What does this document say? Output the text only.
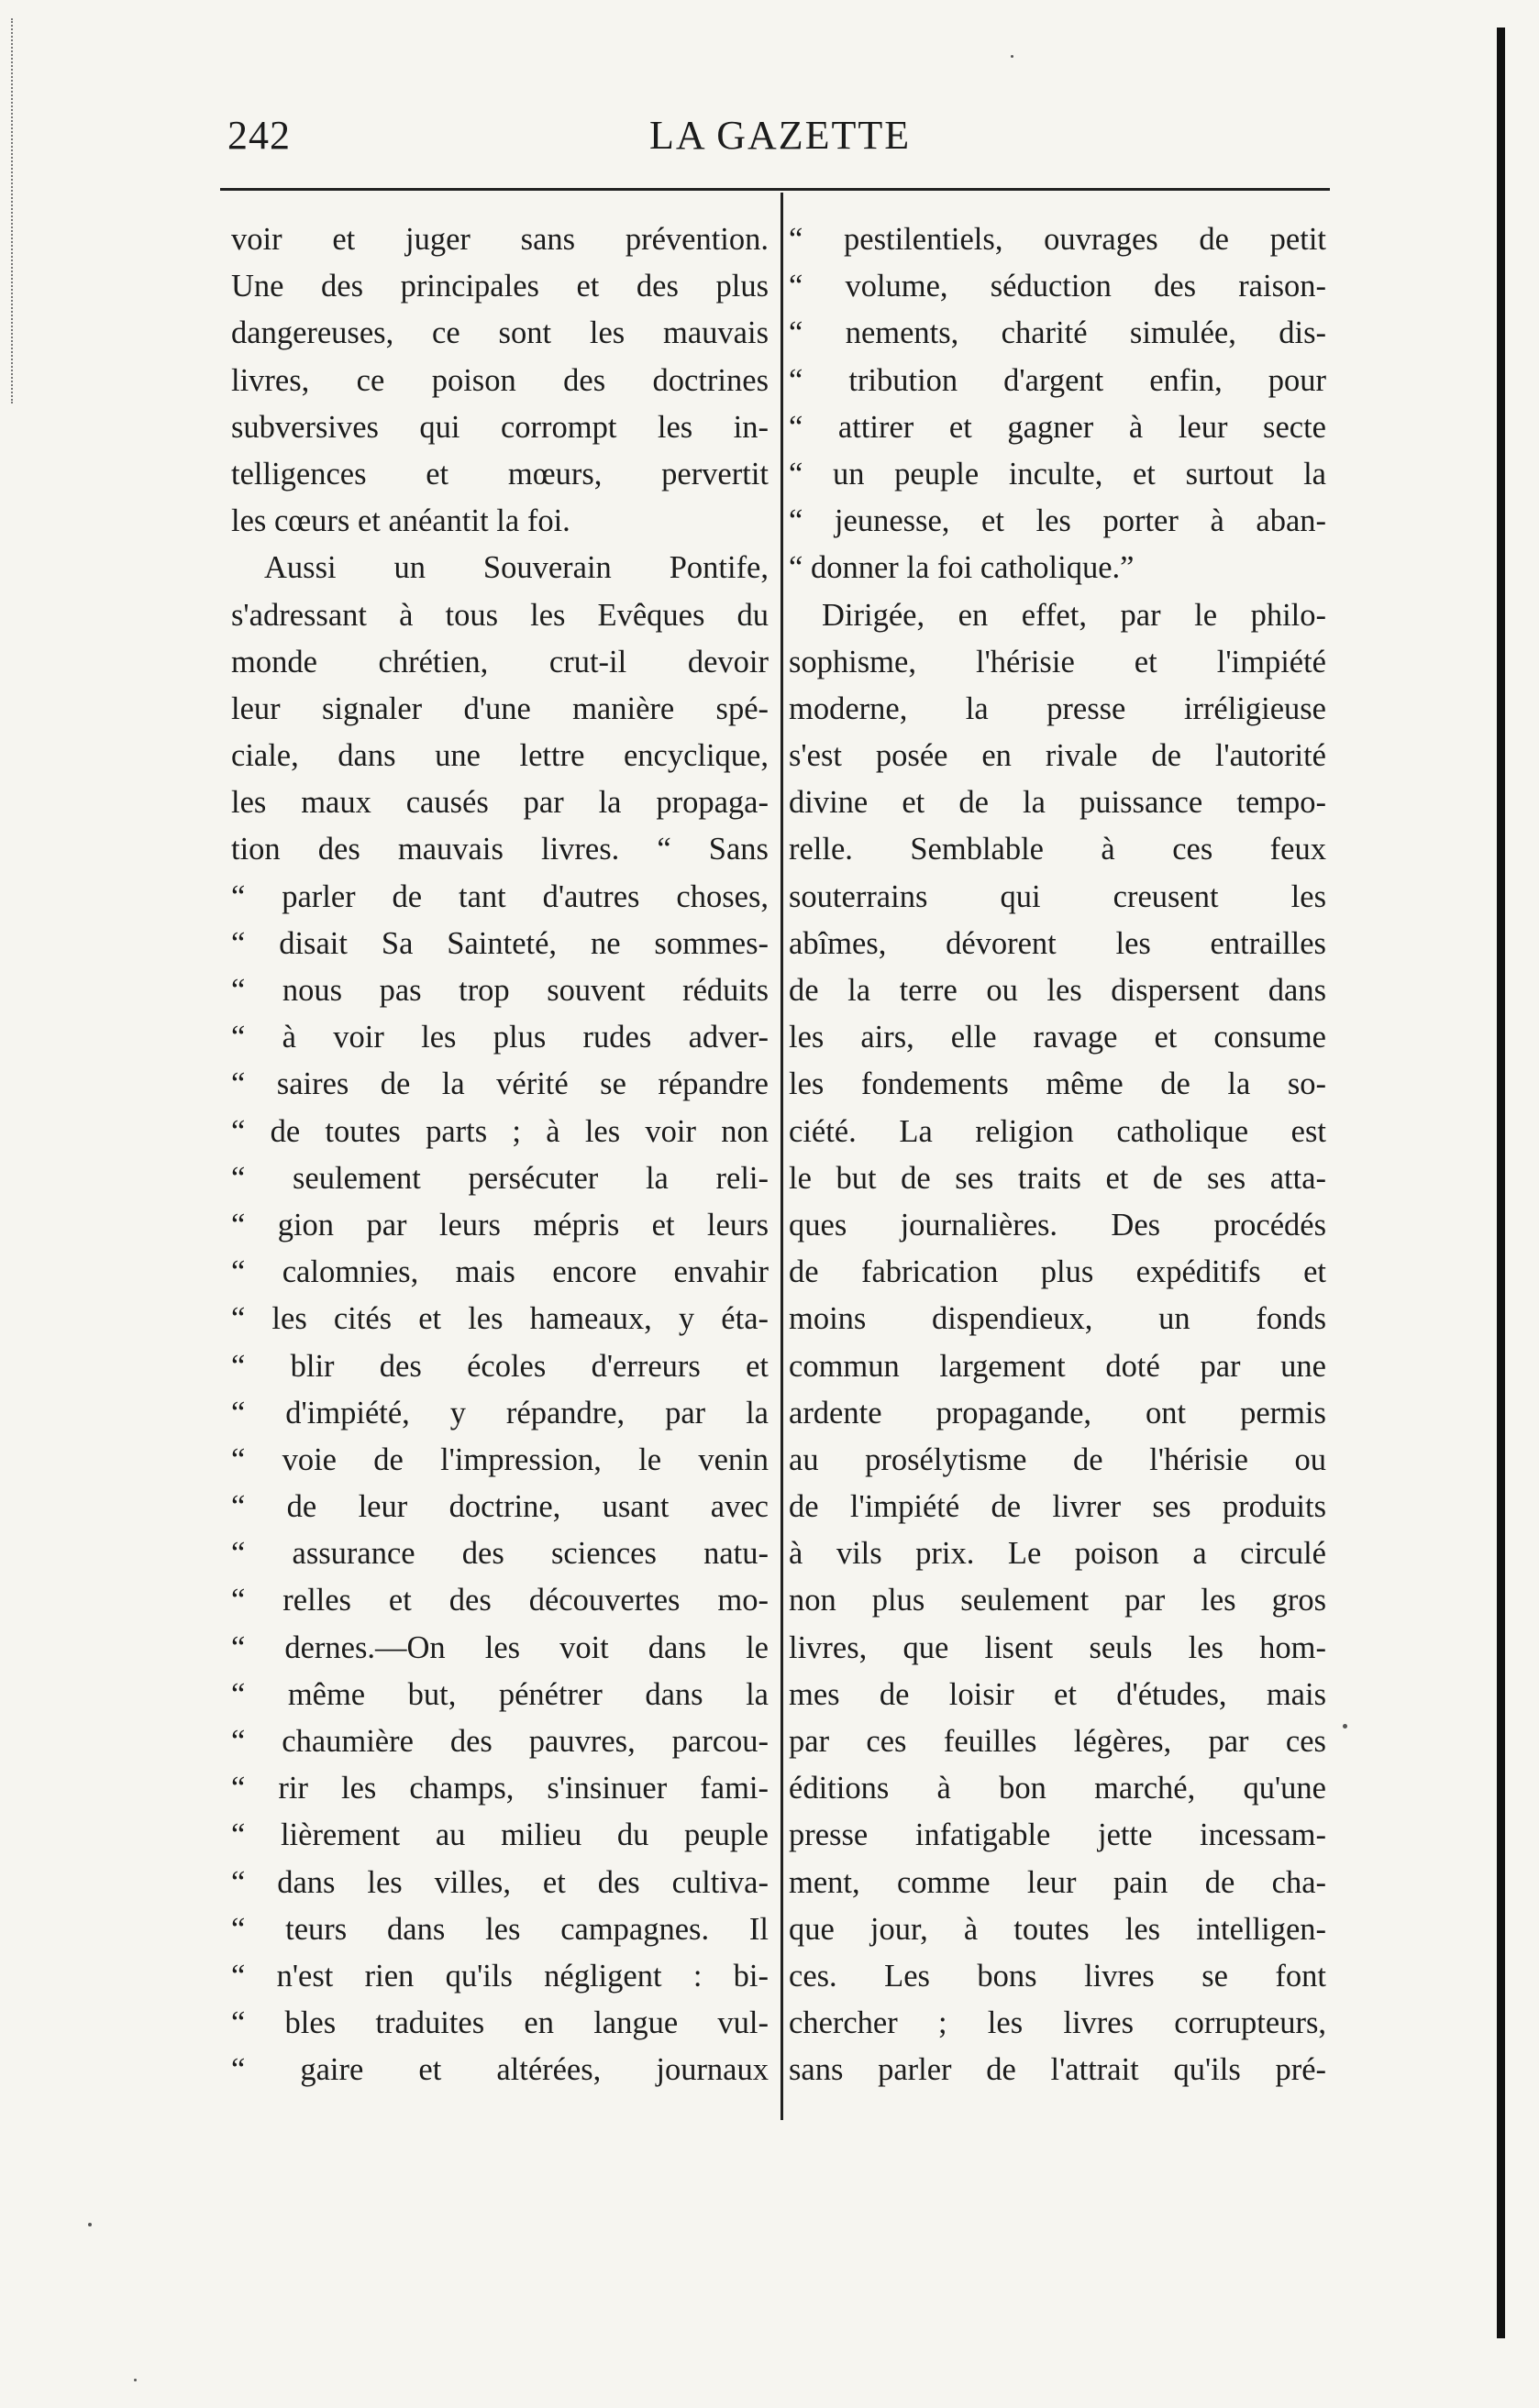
242	LA GAZETTE
voir et juger sans prévention.
Une des principales et des plus
dangereuses, ce sont les mauvais
livres, ce poison des doctrines
subversives qui corrompt les in-
telligences et mœurs, pervertit
les cœurs et anéantit la foi.
Aussi un Souverain Pontife,
s'adressant à tous les Evêques du
monde chrétien, crut-il devoir
leur signaler d'une manière spé-
ciale, dans une lettre encyclique,
les maux causés par la propaga-
tion des mauvais livres. “ Sans
“ parler de tant d'autres choses,
“ disait Sa Sainteté, ne sommes-
“ nous pas trop souvent réduits
“ à voir les plus rudes adver-
“ saires de la vérité se répandre
“ de toutes parts ; à les voir non
“ seulement persécuter la reli-
“ gion par leurs mépris et leurs
“ calomnies, mais encore envahir
“ les cités et les hameaux, y éta-
“ blir des écoles d'erreurs et
“ d'impiété, y répandre, par la
“ voie de l'impression, le venin
“ de leur doctrine, usant avec
“ assurance des sciences natu-
“ relles et des découvertes mo-
“ dernes.—On les voit dans le
“ même but, pénétrer dans la
“ chaumière des pauvres, parcou-
“ rir les champs, s'insinuer fami-
“ lièrement au milieu du peuple
“ dans les villes, et des cultiva-
“ teurs dans les campagnes. Il
“ n'est rien qu'ils négligent : bi-
“ bles traduites en langue vul-
“ gaire et altérées, journaux
“ pestilentiels, ouvrages de petit
“ volume, séduction des raison-
“ nements, charité simulée, dis-
“ tribution d'argent enfin, pour
“ attirer et gagner à leur secte
“ un peuple inculte, et surtout la
“ jeunesse, et les porter à aban-
“ donner la foi catholique.”
Dirigée, en effet, par le philo-
sophisme, l'hérisie et l'impiété
moderne, la presse irréligieuse
s'est posée en rivale de l'autorité
divine et de la puissance tempo-
relle. Semblable à ces feux
souterrains qui creusent les
abîmes, dévorent les entrailles
de la terre ou les dispersent dans
les airs, elle ravage et consume
les fondements même de la so-
ciété. La religion catholique est
le but de ses traits et de ses atta-
ques journalières. Des procédés
de fabrication plus expéditifs et
moins dispendieux, un fonds
commun largement doté par une
ardente propagande, ont permis
au prosélytisme de l'hérisie ou
de l'impiété de livrer ses produits
à vils prix. Le poison a circulé
non plus seulement par les gros
livres, que lisent seuls les hom-
mes de loisir et d'études, mais
par ces feuilles légères, par ces
éditions à bon marché, qu'une
presse infatigable jette incessam-
ment, comme leur pain de cha-
que jour, à toutes les intelligen-
ces. Les bons livres se font
chercher ; les livres corrupteurs,
sans parler de l'attrait qu'ils pré-
